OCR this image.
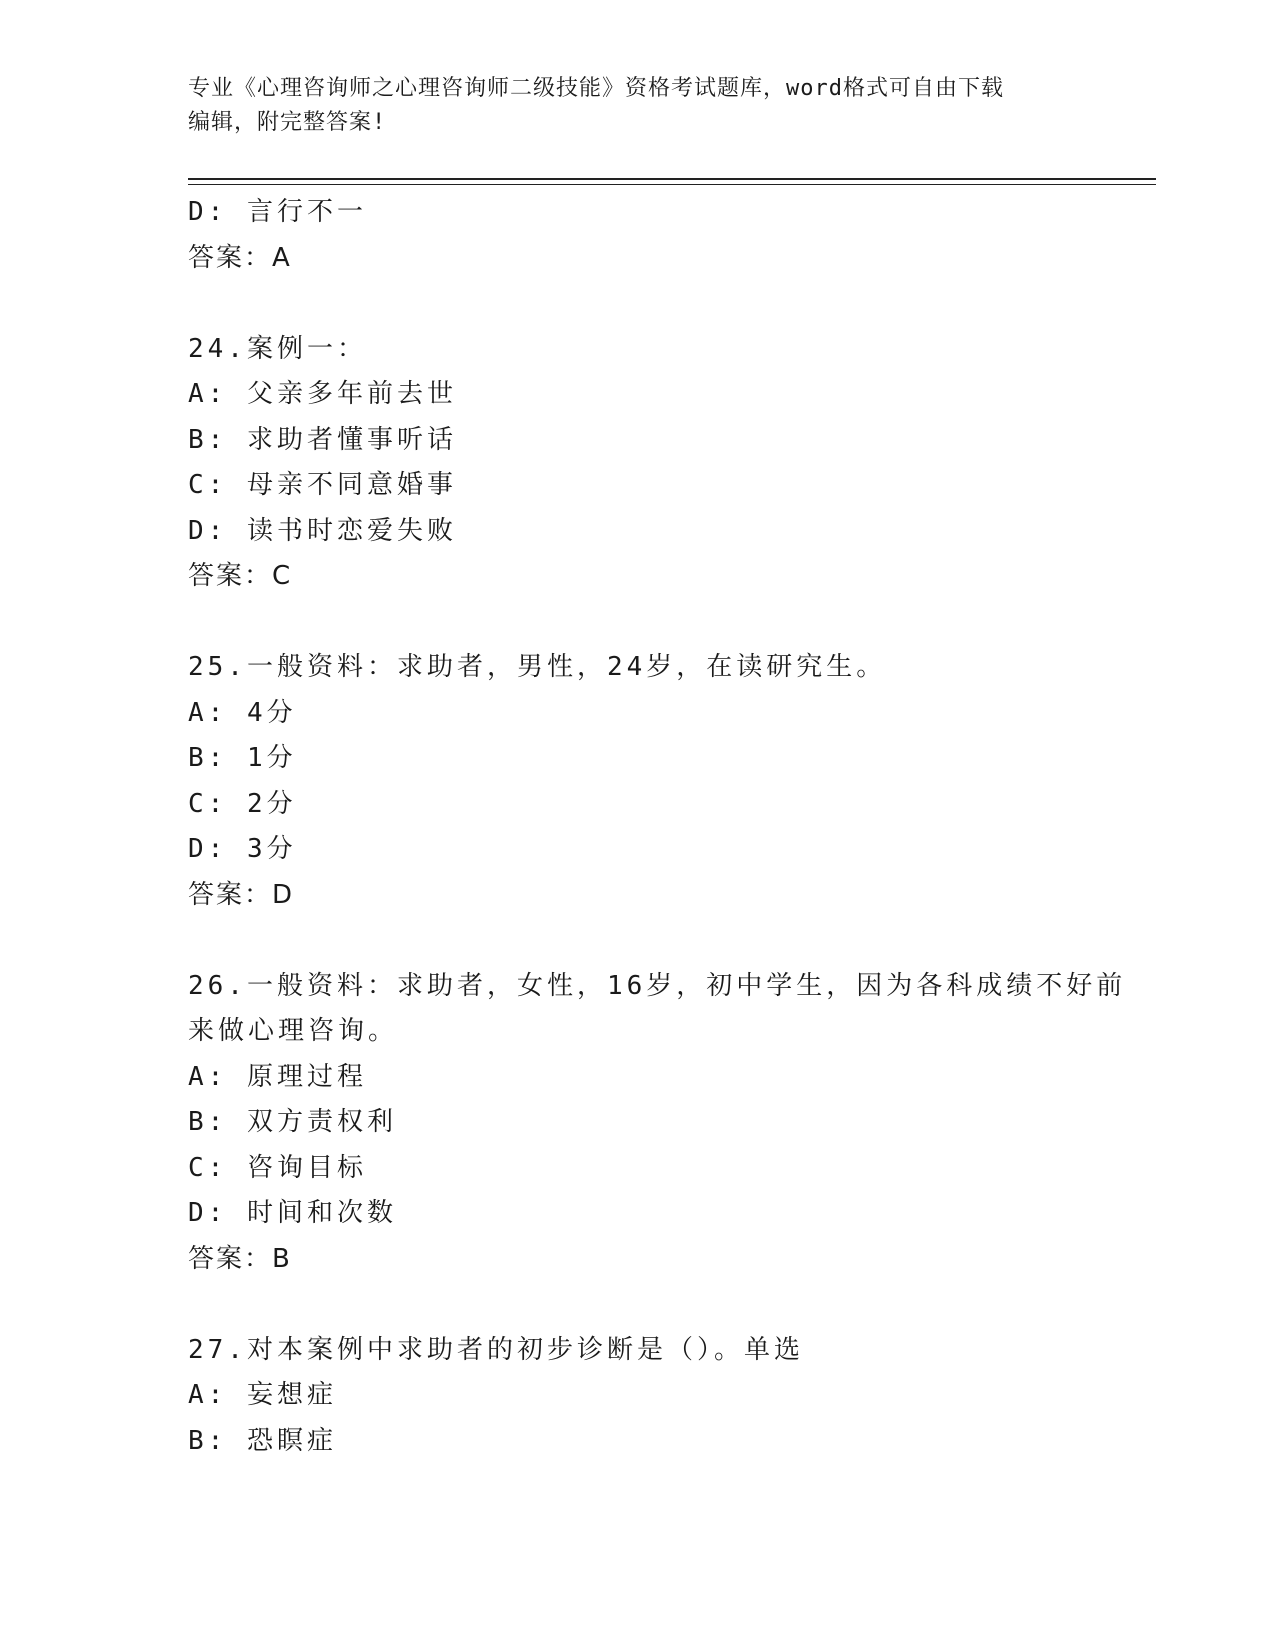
专业《心理咨询师之心理咨询师二级技能》资格考试题库，word格式可自由下载
编辑，附完整答案!
D: 言行不一
答案：A
24.案例一：
A: 父亲多年前去世
B: 求助者懂事听话
C: 母亲不同意婚事
D: 读书时恋爱失败
答案：C
25.一般资料：求助者，男性，24岁，在读研究生。
A: 4分
B: 1分
C: 2分
D: 3分
答案：D
26.一般资料：求助者，女性，16岁，初中学生，因为各科成绩不好前
来做心理咨询。
A: 原理过程
B: 双方责权利
C: 咨询目标
D: 时间和次数
答案：B
27.对本案例中求助者的初步诊断是（）。单选
A: 妄想症
B: 恐瞑症
